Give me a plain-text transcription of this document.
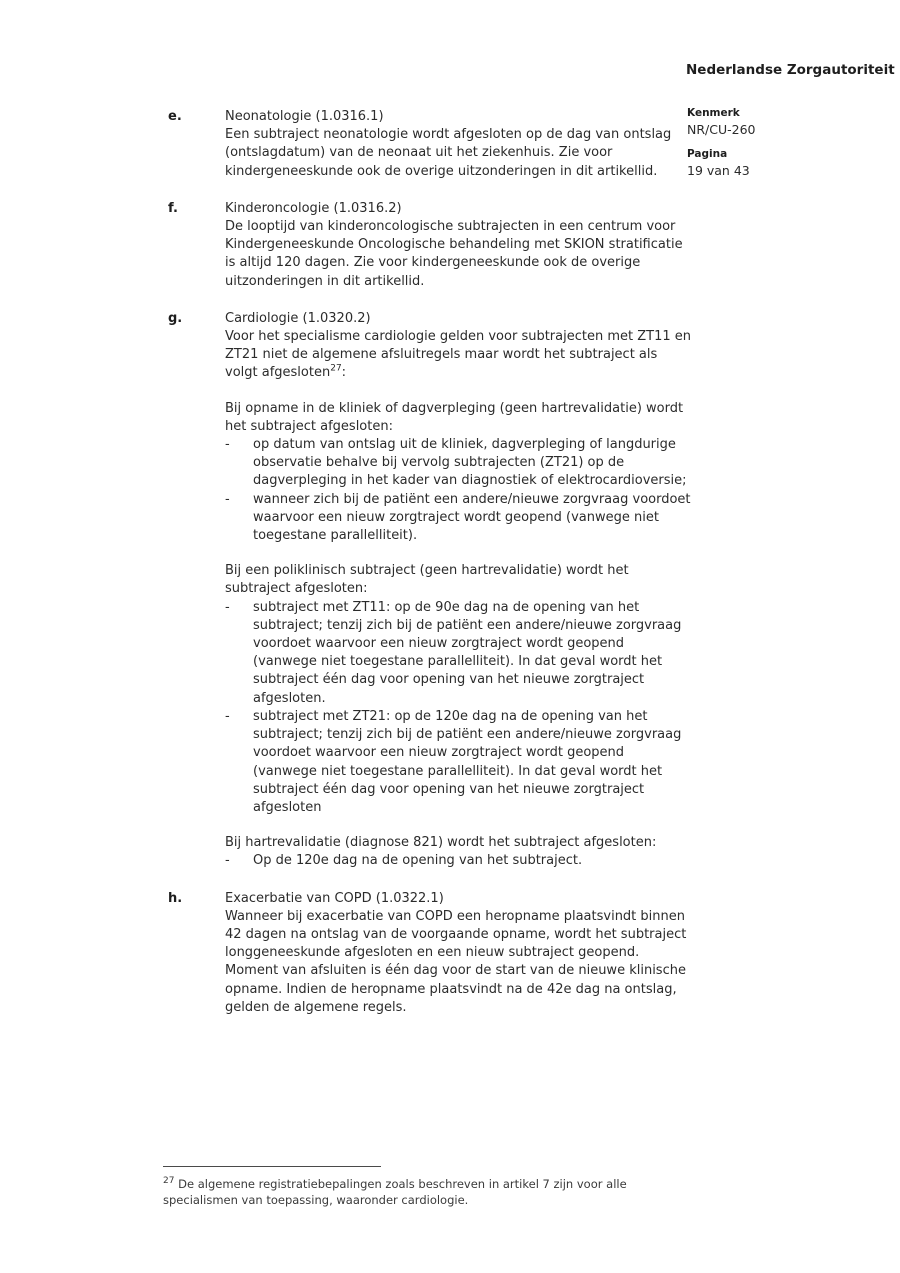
Nederlandse Zorgautoriteit
Kenmerk
NR/CU-260
Pagina
19 van 43
e.	Neonatologie (1.0316.1)
Een subtraject neonatologie wordt afgesloten op de dag van ontslag (ontslagdatum) van de neonaat uit het ziekenhuis. Zie voor kindergeneeskunde ook de overige uitzonderingen in dit artikellid.
f.	Kinderoncologie (1.0316.2)
De looptijd van kinderoncologische subtrajecten in een centrum voor Kindergeneeskunde Oncologische behandeling met SKION stratificatie is altijd 120 dagen. Zie voor kindergeneeskunde ook de overige uitzonderingen in dit artikellid.
g.	Cardiologie (1.0320.2)
Voor het specialisme cardiologie gelden voor subtrajecten met ZT11 en ZT21 niet de algemene afsluitregels maar wordt het subtraject als volgt afgesloten$^{27}$:
Bij opname in de kliniek of dagverpleging (geen hartrevalidatie) wordt het subtraject afgesloten:
-	op datum van ontslag uit de kliniek, dagverpleging of langdurige observatie behalve bij vervolg subtrajecten (ZT21) op de dagverpleging in het kader van diagnostiek of elektrocardioversie;
-	wanneer zich bij de patiënt een andere/nieuwe zorgvraag voordoet waarvoor een nieuw zorgtraject wordt geopend (vanwege niet toegestane parallelliteit).
Bij een poliklinisch subtraject (geen hartrevalidatie) wordt het subtraject afgesloten:
-	subtraject met ZT11: op de 90e dag na de opening van het subtraject; tenzij zich bij de patiënt een andere/nieuwe zorgvraag voordoet waarvoor een nieuw zorgtraject wordt geopend (vanwege niet toegestane parallelliteit). In dat geval wordt het subtraject één dag voor opening van het nieuwe zorgtraject afgesloten.
-	subtraject met ZT21: op de 120e dag na de opening van het subtraject; tenzij zich bij de patiënt een andere/nieuwe zorgvraag voordoet waarvoor een nieuw zorgtraject wordt geopend (vanwege niet toegestane parallelliteit). In dat geval wordt het subtraject één dag voor opening van het nieuwe zorgtraject afgesloten
Bij hartrevalidatie (diagnose 821) wordt het subtraject afgesloten:
-	Op de 120e dag na de opening van het subtraject.
h.	Exacerbatie van COPD (1.0322.1)
Wanneer bij exacerbatie van COPD een heropname plaatsvindt binnen 42 dagen na ontslag van de voorgaande opname, wordt het subtraject longgeneeskunde afgesloten en een nieuw subtraject geopend. Moment van afsluiten is één dag voor de start van de nieuwe klinische opname. Indien de heropname plaatsvindt na de 42e dag na ontslag, gelden de algemene regels.

$^{27}$ De algemene registratiebepalingen zoals beschreven in artikel 7 zijn voor alle specialismen van toepassing, waaronder cardiologie.
